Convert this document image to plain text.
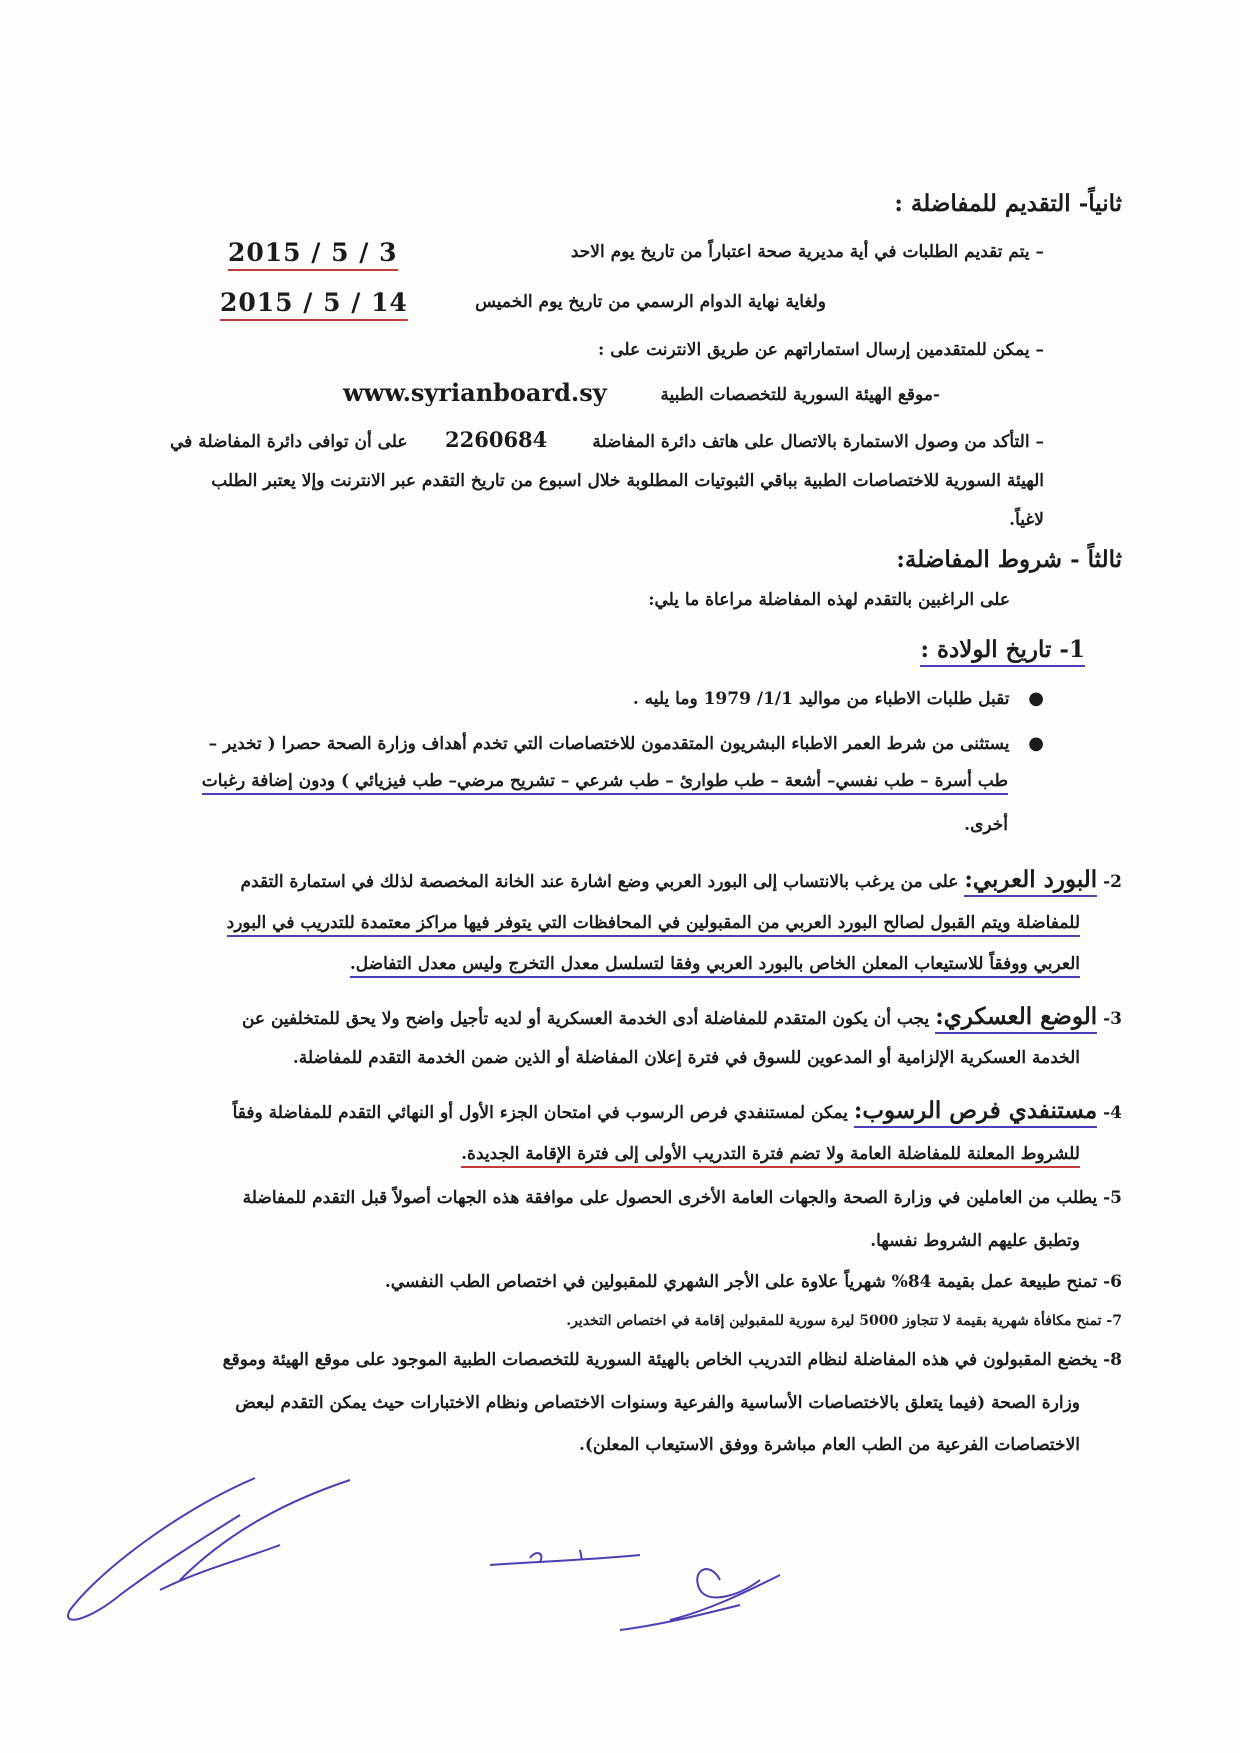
ثانياً- التقديم للمفاضلة :
– يتم تقديم الطلبات في أية مديرية صحة اعتباراً من تاريخ يوم الاحد
3 / 5 / 2015
ولغاية نهاية الدوام الرسمي من تاريخ يوم الخميس
14 / 5 / 2015
– يمكن للمتقدمين إرسال استماراتهم عن طريق الانترنت على :
-موقع الهيئة السورية للتخصصات الطبية
www.syrianboard.sy
– التأكد من وصول الاستمارة بالاتصال على هاتف دائرة المفاضلة
2260684
على أن توافى دائرة المفاضلة في
الهيئة السورية للاختصاصات الطبية بباقي الثبوتيات المطلوبة خلال اسبوع من تاريخ التقدم عبر الانترنت وإلا يعتبر الطلب
لاغياً.
ثالثاً - شروط المفاضلة:
على الراغبين بالتقدم لهذه المفاضلة مراعاة ما يلي:
1- تاريخ الولادة :
●   تقبل طلبات الاطباء من مواليد 1/1/ 1979 وما يليه .
●   يستثنى من شرط العمر الاطباء البشريون المتقدمون للاختصاصات التي تخدم أهداف وزارة الصحة حصرا ( تخدير –
طب أسرة – طب نفسي– أشعة – طب طوارئ – طب شرعي – تشريح مرضي– طب فيزيائي ) ودون إضافة رغبات
أخرى.
2- البورد العربي: على من يرغب بالانتساب إلى البورد العربي وضع اشارة عند الخانة المخصصة لذلك في استمارة التقدم
للمفاضلة ويتم القبول لصالح البورد العربي من المقبولين في المحافظات التي يتوفر فيها مراكز معتمدة للتدريب في البورد
العربي ووفقاً للاستيعاب المعلن الخاص بالبورد العربي وفقا لتسلسل معدل التخرج وليس معدل التفاضل.
3- الوضع العسكري: يجب أن يكون المتقدم للمفاضلة أدى الخدمة العسكرية أو لديه تأجيل واضح ولا يحق للمتخلفين عن
الخدمة العسكرية الإلزامية أو المدعوين للسوق في فترة إعلان المفاضلة أو الذين ضمن الخدمة التقدم للمفاضلة.
4- مستنفدي فرص الرسوب: يمكن لمستنفدي فرص الرسوب في امتحان الجزء الأول أو النهائي التقدم للمفاضلة وفقاً
للشروط المعلنة للمفاضلة العامة ولا تضم فترة التدريب الأولى إلى فترة الإقامة الجديدة.
5- يطلب من العاملين في وزارة الصحة والجهات العامة الأخرى الحصول على موافقة هذه الجهات أصولاً قبل التقدم للمفاضلة
وتطبق عليهم الشروط نفسها.
6- تمنح طبيعة عمل بقيمة 84% شهرياً علاوة على الأجر الشهري للمقبولين في اختصاص الطب النفسي.
7- تمنح مكافأة شهرية بقيمة لا تتجاوز 5000 ليرة سورية للمقبولين إقامة في اختصاص التخدير.
8- يخضع المقبولون في هذه المفاضلة لنظام التدريب الخاص بالهيئة السورية للتخصصات الطبية الموجود على موقع الهيئة وموقع
وزارة الصحة (فيما يتعلق بالاختصاصات الأساسية والفرعية وسنوات الاختصاص ونظام الاختبارات حيث يمكن التقدم لبعض
الاختصاصات الفرعية من الطب العام مباشرة ووفق الاستيعاب المعلن).
